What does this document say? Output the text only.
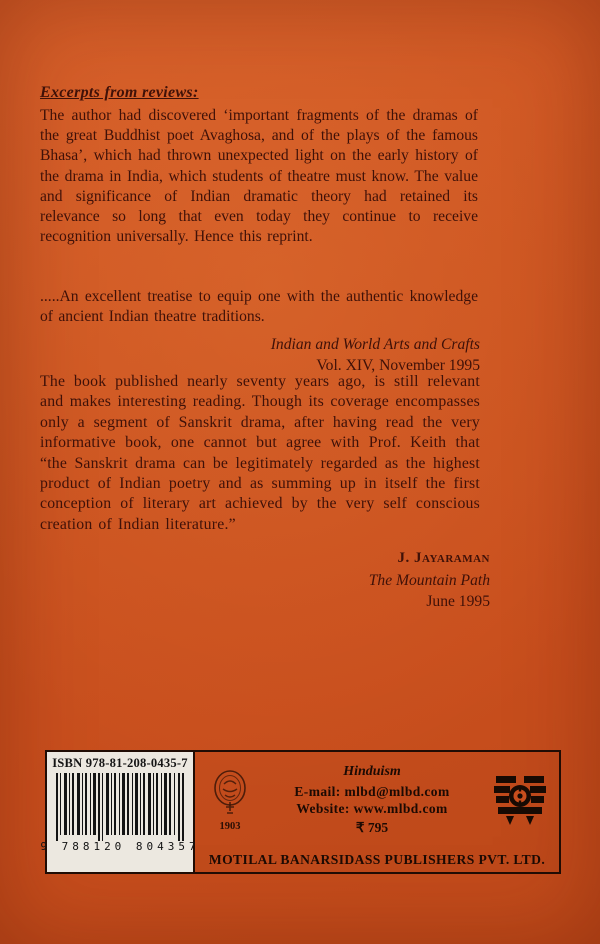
Excerpts from reviews:
The author had discovered ‘important fragments of the dramas of the great Buddhist poet Avaghosa, and of the plays of the famous Bhasa’, which had thrown unexpected light on the early history of the drama in India, which students of theatre must know. The value and significance of Indian dramatic theory had retained its relevance so long that even today they continue to receive recognition universally. Hence this reprint.
.....An excellent treatise to equip one with the authentic knowledge of ancient Indian theatre traditions.
Indian and World Arts and Crafts
Vol. XIV, November 1995
The book published nearly seventy years ago, is still relevant and makes interesting reading. Though its coverage encompasses only a segment of Sanskrit drama, after having read the very informative book, one cannot but agree with Prof. Keith that “the Sanskrit drama can be legitimately regarded as the highest product of Indian poetry and as summing up in itself the first conception of literary art achieved by the very self conscious creation of Indian literature.”
J. Jayaraman
The Mountain Path
June 1995
ISBN 978-81-208-0435-7
9 788120 804357
1903
Hinduism
E-mail: mlbd@mlbd.com
Website: www.mlbd.com
₹ 795
MOTILAL BANARSIDASS PUBLISHERS PVT. LTD.
